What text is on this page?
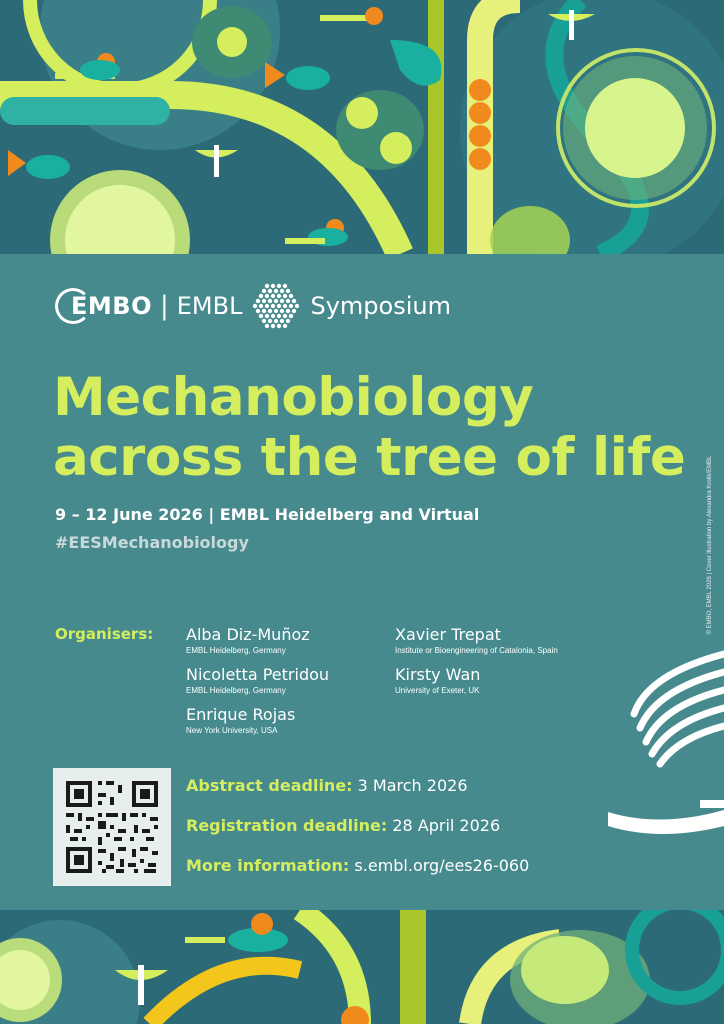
EMBO | EMBL	Symposium
Mechanobiology
across the tree of life
9 – 12 June 2026 | EMBL Heidelberg and Virtual
#EESMechanobiology	© EMBO, EMBL 2026 | Cover illustration by Alexandra Krolik/EMBL
Organisers: Alba Diz-Muñoz
EMBL Heidelberg, Germany
Nicoletta Petridou
EMBL Heidelberg, Germany
Enrique Rojas
New York University, USA
Xavier Trepat
Institute or Bioengineering of Catalonia, Spain
Kirsty Wan
University of Exeter, UK
Abstract deadline: 3 March 2026
Registration deadline: 28 April 2026
More information: s.embl.org/ees26-060
